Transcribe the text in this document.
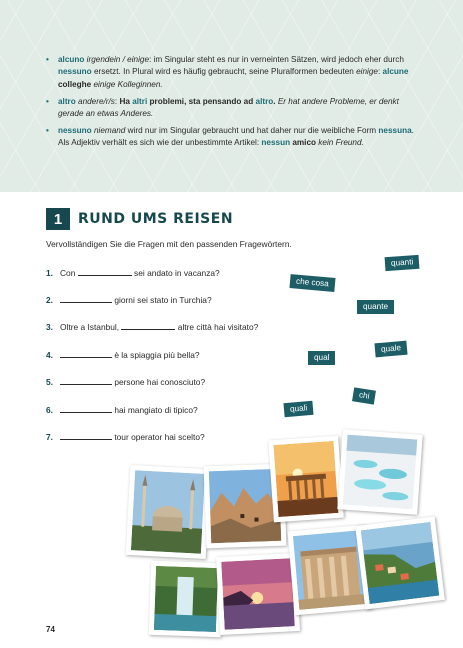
• alcuno irgendein / einige: im Singular steht es nur in verneinten Sätzen, wird jedoch eher durch nessuno ersetzt. In Plural wird es häufig gebraucht, seine Pluralformen bedeuten einige: alcune colleghe einige Kolleginnen.
• altro andere/r/s: Ha altri problemi, sta pensando ad altro. Er hat andere Probleme, er denkt gerade an etwas Anderes.
• nessuno niemand wird nur im Singular gebraucht und hat daher nur die weibliche Form nessuna. Als Adjektiv verhält es sich wie der unbestimmte Artikel: nessun amico kein Freund.
1	RUND UMS REISEN
Vervollständigen Sie die Fragen mit den passenden Fragewörtern.
1. Con	sei andato in vacanza?
2.	giorni sei stato in Turchia?
3. Oltre a Istanbul,	altre città hai visitato?
4.	è la spiaggia più bella?
5.	persone hai conosciuto?
6.	hai mangiato di tipico?
7.	tour operator hai scelto?
quanti
che cosa
quante
quale
qual
chi
quali
74
